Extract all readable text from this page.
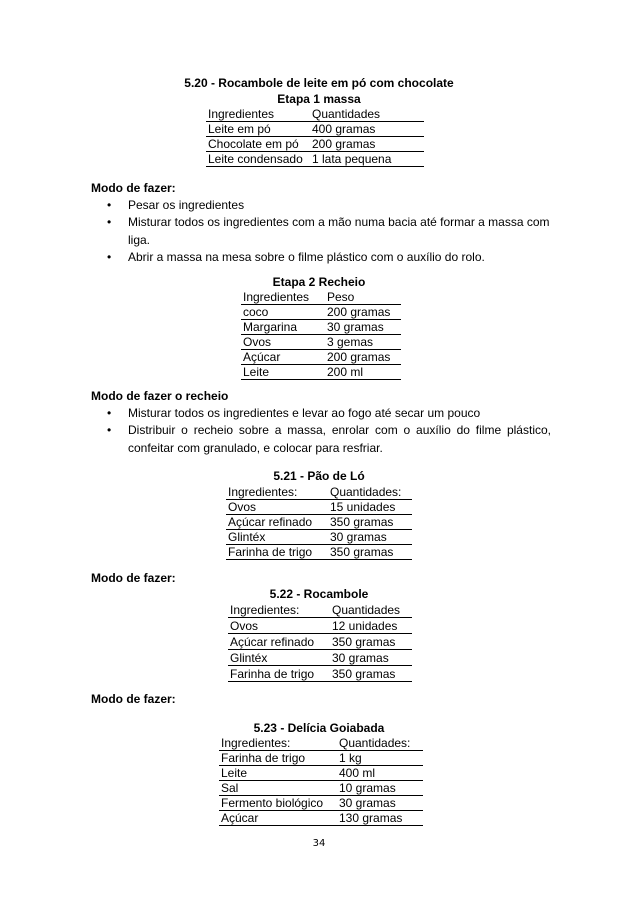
5.20 - Rocambole de leite em pó com chocolate
Etapa 1 massa
Ingredientes	Quantidades
Leite em pó	400 gramas
Chocolate em pó	200 gramas
Leite condensado	1 lata pequena
Modo de fazer:
• Pesar os ingredientes
• Misturar todos os ingredientes com a mão numa bacia até formar a massa com liga.
• Abrir a massa na mesa sobre o filme plástico com o auxílio do rolo.
Etapa 2 Recheio
Ingredientes	Peso
coco	200 gramas
Margarina	30 gramas
Ovos	3 gemas
Açúcar	200 gramas
Leite	200 ml
Modo de fazer o recheio
• Misturar todos os ingredientes e levar ao fogo até secar um pouco
• Distribuir o recheio sobre a massa, enrolar com o auxílio do filme plástico, confeitar com granulado, e colocar para resfriar.
5.21 - Pão de Ló
Ingredientes:	Quantidades:
Ovos	15 unidades
Açúcar refinado	350 gramas
Glintéx	30 gramas
Farinha de trigo	350 gramas
Modo de fazer:
5.22 - Rocambole
Ingredientes:	Quantidades
Ovos	12 unidades
Açúcar refinado	350 gramas
Glintéx	30 gramas
Farinha de trigo	350 gramas
Modo de fazer:
5.23 - Delícia Goiabada
Ingredientes:	Quantidades:
Farinha de trigo	1 kg
Leite	400 ml
Sal	10 gramas
Fermento biológico	30 gramas
Açúcar	130 gramas
34
